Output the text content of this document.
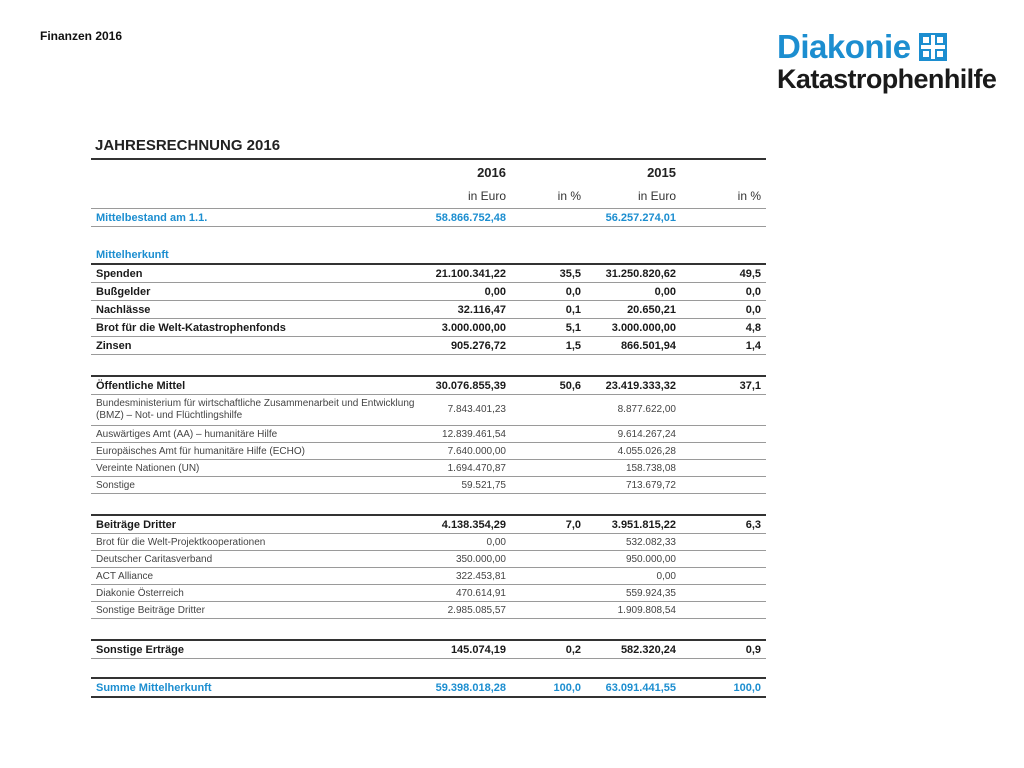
Finanzen 2016	Diakonie
Katastrophenhilfe
JAHRESRECHNUNG 2016
	2016		2015	
	in Euro	in %	in Euro	in %
Mittelbestand am 1.1.	58.866.752,48		56.257.274,01	

Mittelherkunft				
Spenden	21.100.341,22	35,5	31.250.820,62	49,5
Bußgelder	0,00	0,0	0,00	0,0
Nachlässe	32.116,47	0,1	20.650,21	0,0
Brot für die Welt-Katastrophenfonds	3.000.000,00	5,1	3.000.000,00	4,8
Zinsen	905.276,72	1,5	866.501,94	1,4

Öffentliche Mittel	30.076.855,39	50,6	23.419.333,32	37,1
Bundesministerium für wirtschaftliche Zusammenarbeit und Entwicklung (BMZ) – Not- und Flüchtlingshilfe	7.843.401,23		8.877.622,00	
Auswärtiges Amt (AA) – humanitäre Hilfe	12.839.461,54		9.614.267,24	
Europäisches Amt für humanitäre Hilfe (ECHO)	7.640.000,00		4.055.026,28	
Vereinte Nationen (UN)	1.694.470,87		158.738,08	
Sonstige	59.521,75		713.679,72	

Beiträge Dritter	4.138.354,29	7,0	3.951.815,22	6,3
Brot für die Welt-Projektkooperationen	0,00		532.082,33	
Deutscher Caritasverband	350.000,00		950.000,00	
ACT Alliance	322.453,81		0,00	
Diakonie Österreich	470.614,91		559.924,35	
Sonstige Beiträge Dritter	2.985.085,57		1.909.808,54	

Sonstige Erträge	145.074,19	0,2	582.320,24	0,9

Summe Mittelherkunft	59.398.018,28	100,0	63.091.441,55	100,0
